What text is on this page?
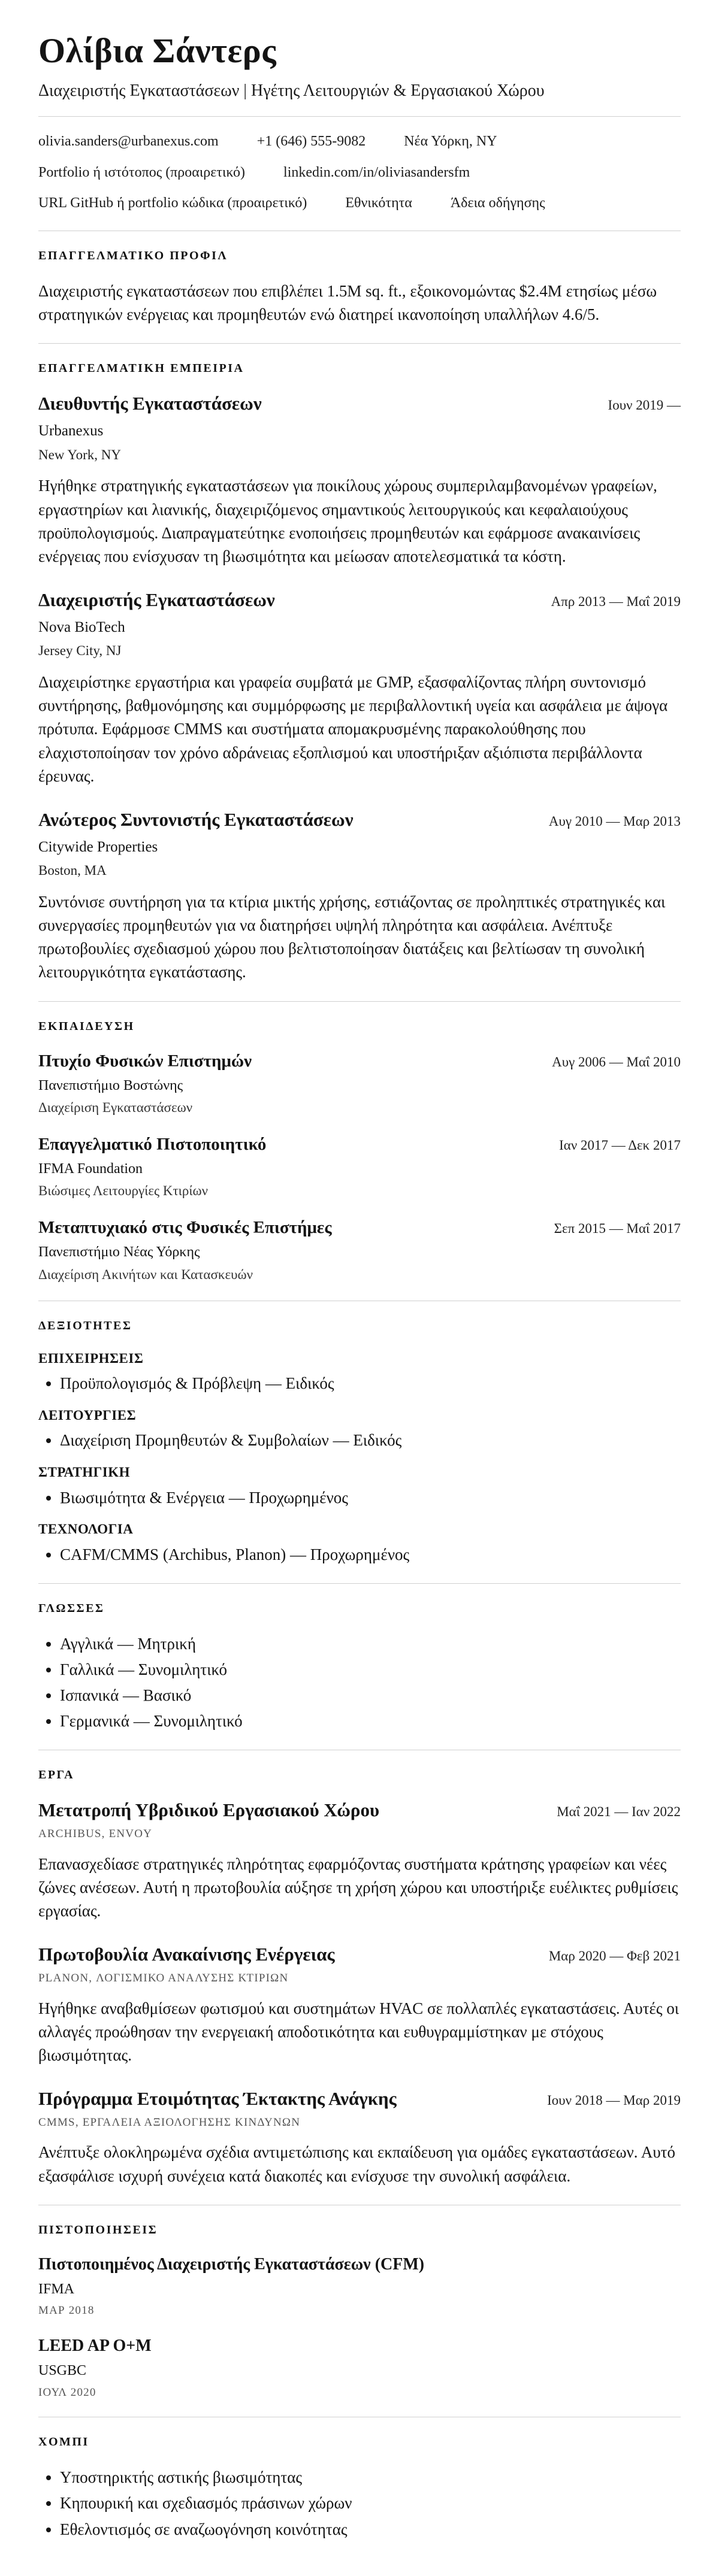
Ολίβια Σάντερς

Διαχειριστής Εγκαταστάσεων | Ηγέτης Λειτουργιών & Εργασιακού Χώρου

olivia.sanders@urbanexus.com	+1 (646) 555-9082	Νέα Υόρκη, NY
Portfolio ή ιστότοπος (προαιρετικό)	linkedin.com/in/oliviasandersfm
URL GitHub ή portfolio κώδικα (προαιρετικό)	Εθνικότητα	Άδεια οδήγησης
ΕΠΑΓΓΕΛΜΑΤΙΚΟ ΠΡΟΦΙΛ

Διαχειριστής εγκαταστάσεων που επιβλέπει 1.5M sq. ft., εξοικονομώντας $2.4M ετησίως μέσω στρατηγικών ενέργειας και προμηθευτών ενώ διατηρεί ικανοποίηση υπαλλήλων 4.6/5.

ΕΠΑΓΓΕΛΜΑΤΙΚΗ ΕΜΠΕΙΡΙΑ
Διευθυντής Εγκαταστάσεων	Ιουν 2019 —
Urbanexus
New York, NY

Ηγήθηκε στρατηγικής εγκαταστάσεων για ποικίλους χώρους συμπεριλαμβανομένων γραφείων, εργαστηρίων και λιανικής, διαχειριζόμενος σημαντικούς λειτουργικούς και κεφαλαιούχους προϋπολογισμούς. Διαπραγματεύτηκε ενοποιήσεις προμηθευτών και εφάρμοσε ανακαινίσεις ενέργειας που ενίσχυσαν τη βιωσιμότητα και μείωσαν αποτελεσματικά τα κόστη.

Διαχειριστής Εγκαταστάσεων	Απρ 2013 — Μαΐ 2019
Nova BioTech
Jersey City, NJ

Διαχειρίστηκε εργαστήρια και γραφεία συμβατά με GMP, εξασφαλίζοντας πλήρη συντονισμό συντήρησης, βαθμονόμησης και συμμόρφωσης με περιβαλλοντική υγεία και ασφάλεια με άψογα πρότυπα. Εφάρμοσε CMMS και συστήματα απομακρυσμένης παρακολούθησης που ελαχιστοποίησαν τον χρόνο αδράνειας εξοπλισμού και υποστήριξαν αξιόπιστα περιβάλλοντα έρευνας.

Ανώτερος Συντονιστής Εγκαταστάσεων	Αυγ 2010 — Μαρ 2013
Citywide Properties
Boston, MA

Συντόνισε συντήρηση για τα κτίρια μικτής χρήσης, εστιάζοντας σε προληπτικές στρατηγικές και συνεργασίες προμηθευτών για να διατηρήσει υψηλή πληρότητα και ασφάλεια. Ανέπτυξε πρωτοβουλίες σχεδιασμού χώρου που βελτιστοποίησαν διατάξεις και βελτίωσαν τη συνολική λειτουργικότητα εγκατάστασης.

ΕΚΠΑΙΔΕΥΣΗ
Πτυχίο Φυσικών Επιστημών	Αυγ 2006 — Μαΐ 2010
Πανεπιστήμιο Βοστώνης
Διαχείριση Εγκαταστάσεων
Επαγγελματικό Πιστοποιητικό	Ιαν 2017 — Δεκ 2017
IFMA Foundation
Βιώσιμες Λειτουργίες Κτιρίων
Μεταπτυχιακό στις Φυσικές Επιστήμες	Σεπ 2015 — Μαΐ 2017
Πανεπιστήμιο Νέας Υόρκης
Διαχείριση Ακινήτων και Κατασκευών
ΔΕΞΙΟΤΗΤΕΣ
ΕΠΙΧΕΙΡΗΣΕΙΣ
• Προϋπολογισμός & Πρόβλεψη — Ειδικός
ΛΕΙΤΟΥΡΓΙΕΣ
• Διαχείριση Προμηθευτών & Συμβολαίων — Ειδικός
ΣΤΡΑΤΗΓΙΚΗ
• Βιωσιμότητα & Ενέργεια — Προχωρημένος
ΤΕΧΝΟΛΟΓΙΑ
• CAFM/CMMS (Archibus, Planon) — Προχωρημένος
ΓΛΩΣΣΕΣ
• Αγγλικά — Μητρική
• Γαλλικά — Συνομιλητικό
• Ισπανικά — Βασικό
• Γερμανικά — Συνομιλητικό
ΕΡΓΑ
Μετατροπή Υβριδικού Εργασιακού Χώρου	Μαΐ 2021 — Ιαν 2022
ARCHIBUS, ENVOY

Επανασχεδίασε στρατηγικές πληρότητας εφαρμόζοντας συστήματα κράτησης γραφείων και νέες ζώνες ανέσεων. Αυτή η πρωτοβουλία αύξησε τη χρήση χώρου και υποστήριξε ευέλικτες ρυθμίσεις εργασίας.

Πρωτοβουλία Ανακαίνισης Ενέργειας	Μαρ 2020 — Φεβ 2021
PLANON, ΛΟΓΙΣΜΙΚΟ ΑΝΑΛΥΣΗΣ ΚΤΙΡΙΩΝ

Ηγήθηκε αναβαθμίσεων φωτισμού και συστημάτων HVAC σε πολλαπλές εγκαταστάσεις. Αυτές οι αλλαγές προώθησαν την ενεργειακή αποδοτικότητα και ευθυγραμμίστηκαν με στόχους βιωσιμότητας.

Πρόγραμμα Ετοιμότητας Έκτακτης Ανάγκης	Ιουν 2018 — Μαρ 2019
CMMS, ΕΡΓΑΛΕΙΑ ΑΞΙΟΛΟΓΗΣΗΣ ΚΙΝΔΥΝΩΝ

Ανέπτυξε ολοκληρωμένα σχέδια αντιμετώπισης και εκπαίδευση για ομάδες εγκαταστάσεων. Αυτό εξασφάλισε ισχυρή συνέχεια κατά διακοπές και ενίσχυσε την συνολική ασφάλεια.

ΠΙΣΤΟΠΟΙΗΣΕΙΣ
Πιστοποιημένος Διαχειριστής Εγκαταστάσεων (CFM)
IFMA
ΜΑΡ 2018
LEED AP O+M
USGBC
ΙΟΥΛ 2020
ΧΟΜΠΙ
• Υποστηρικτής αστικής βιωσιμότητας
• Κηπουρική και σχεδιασμός πράσινων χώρων
• Εθελοντισμός σε αναζωογόνηση κοινότητας
